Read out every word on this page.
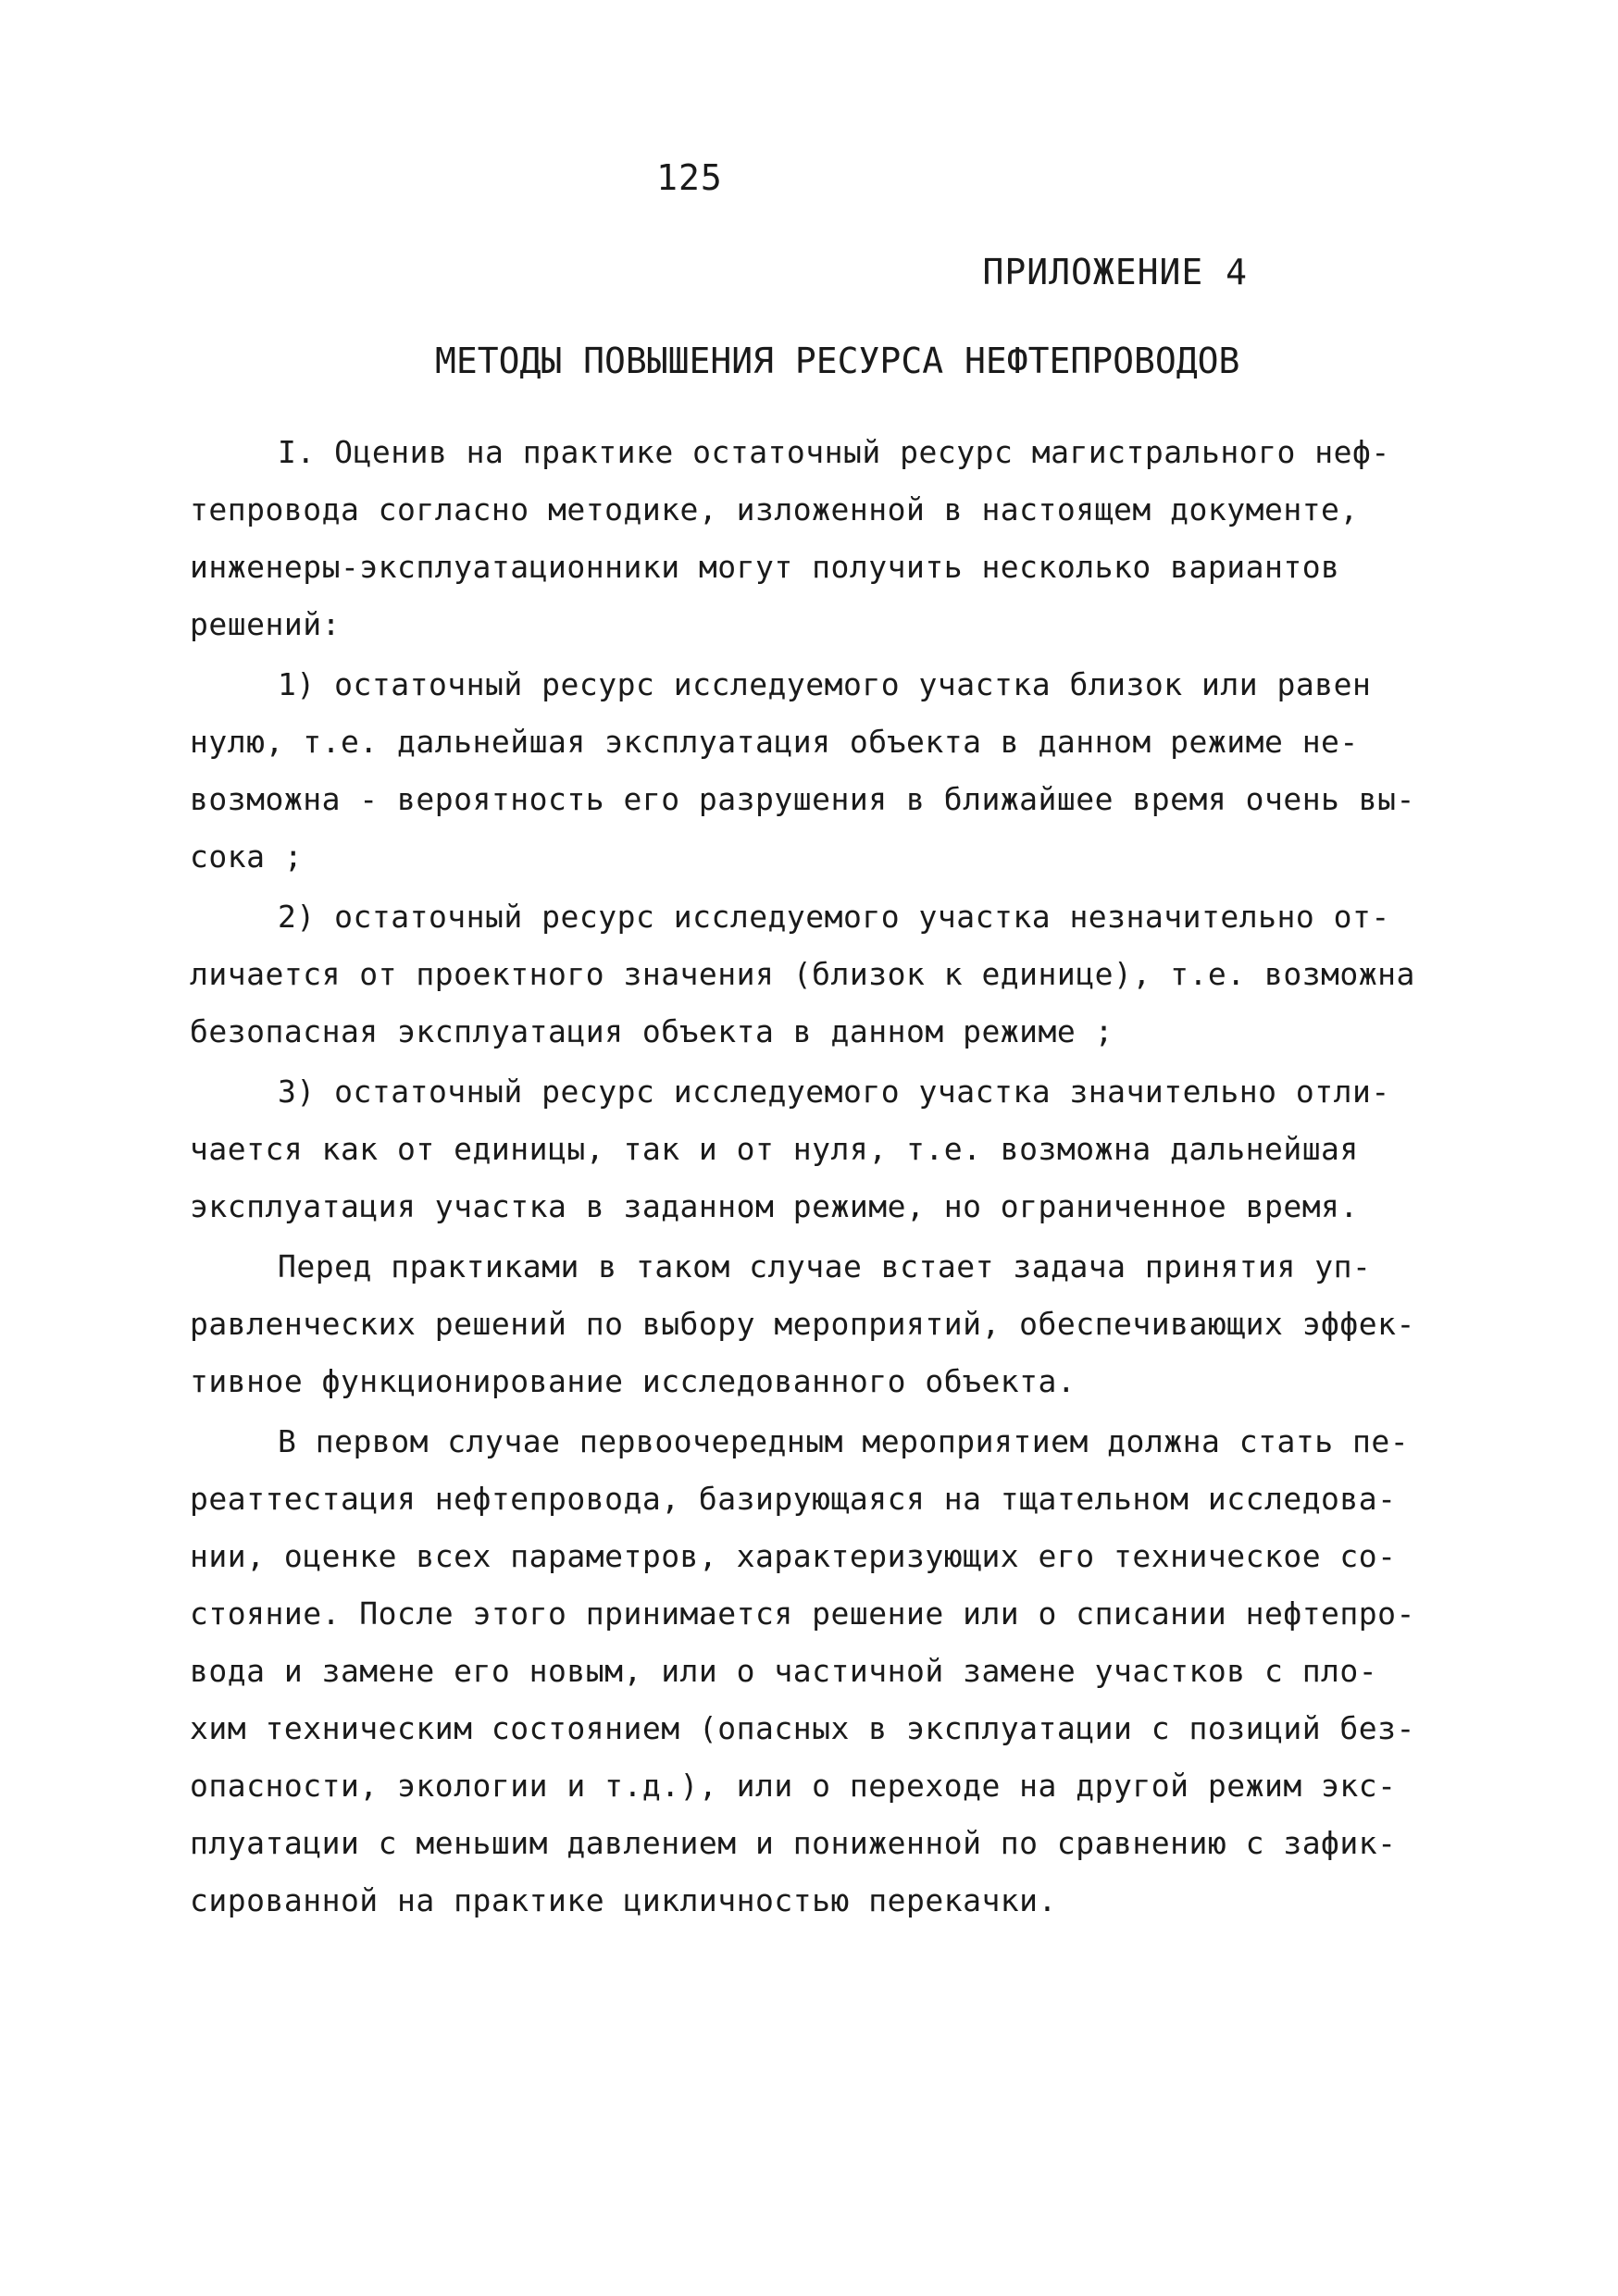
125
ПРИЛОЖЕНИЕ 4
МЕТОДЫ ПОВЫШЕНИЯ РЕСУРСА НЕФТЕПРОВОДОВ
I. Оценив на практике остаточный ресурс магистрального неф-
тепровода согласно методике, изложенной в настоящем документе,
инженеры-эксплуатационники могут получить несколько вариантов
решений:
1) остаточный ресурс исследуемого участка близок или равен
нулю, т.е. дальнейшая эксплуатация объекта в данном режиме не-
возможна - вероятность его разрушения в ближайшее время очень вы-
сока ;
2) остаточный ресурс исследуемого участка незначительно от-
личается от проектного значения (близок к единице), т.е. возможна
безопасная эксплуатация объекта в данном режиме ;
3) остаточный ресурс исследуемого участка значительно отли-
чается как от единицы, так и от нуля, т.е. возможна дальнейшая
эксплуатация участка в заданном режиме, но ограниченное время.
Перед практиками в таком случае встает задача принятия уп-
равленческих решений по выбору мероприятий, обеспечивающих эффек-
тивное функционирование исследованного объекта.
В первом случае первоочередным мероприятием должна стать пе-
реаттестация нефтепровода, базирующаяся на тщательном исследова-
нии, оценке всех параметров, характеризующих его техническое со-
стояние. После этого принимается решение или о списании нефтепро-
вода и замене его новым, или о частичной замене участков с пло-
хим техническим состоянием (опасных в эксплуатации с позиций без-
опасности, экологии и т.д.), или о переходе на другой режим экс-
плуатации с меньшим давлением и пониженной по сравнению с зафик-
сированной на практике цикличностью перекачки.
